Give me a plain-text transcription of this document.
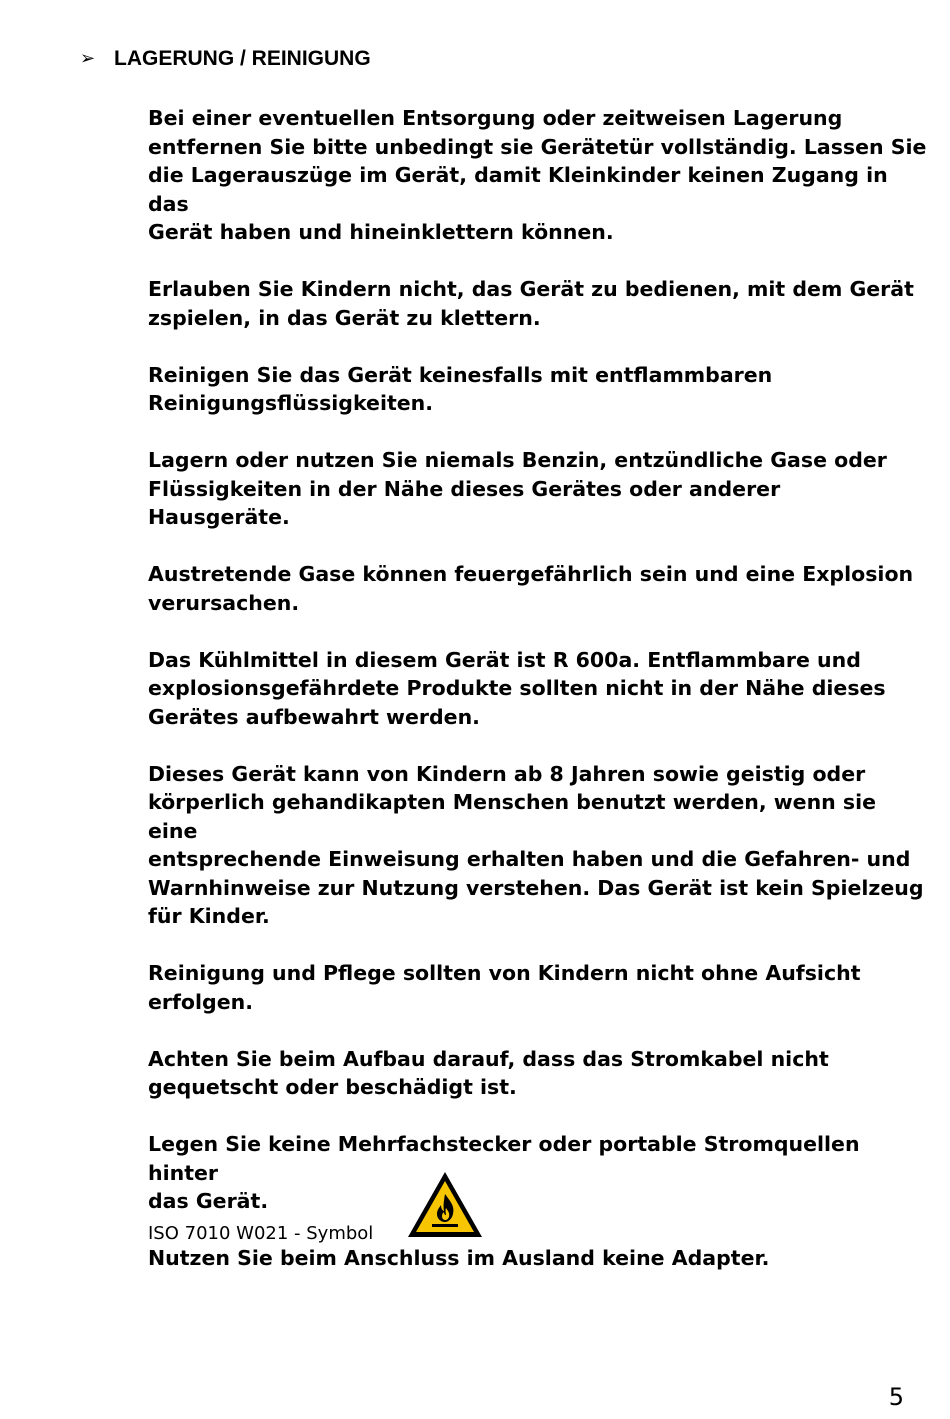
➢ LAGERUNG / REINIGUNG

Bei einer eventuellen Entsorgung oder zeitweisen Lagerung
entfernen Sie bitte unbedingt sie Gerätetür vollständig. Lassen Sie
die Lagerauszüge im Gerät, damit Kleinkinder keinen Zugang in das
Gerät haben und hineinklettern können.

Erlauben Sie Kindern nicht, das Gerät zu bedienen, mit dem Gerät
zspielen, in das Gerät zu klettern.

Reinigen Sie das Gerät keinesfalls mit entflammbaren
Reinigungsflüssigkeiten.

Lagern oder nutzen Sie niemals Benzin, entzündliche Gase oder
Flüssigkeiten in der Nähe dieses Gerätes oder anderer Hausgeräte.

Austretende Gase können feuergefährlich sein und eine Explosion
verursachen.

Das Kühlmittel in diesem Gerät ist R 600a. Entflammbare und
explosionsgefährdete Produkte sollten nicht in der Nähe dieses
Gerätes aufbewahrt werden.

Dieses Gerät kann von Kindern ab 8 Jahren sowie geistig oder
körperlich gehandikapten Menschen benutzt werden, wenn sie eine
entsprechende Einweisung erhalten haben und die Gefahren- und
Warnhinweise zur Nutzung verstehen. Das Gerät ist kein Spielzeug
für Kinder.

Reinigung und Pflege sollten von Kindern nicht ohne Aufsicht
erfolgen.

Achten Sie beim Aufbau darauf, dass das Stromkabel nicht
gequetscht oder beschädigt ist.

Legen Sie keine Mehrfachstecker oder portable Stromquellen hinter
das Gerät.

Nutzen Sie beim Anschluss im Ausland keine Adapter.

ISO 7010 W021 - Symbol
5
